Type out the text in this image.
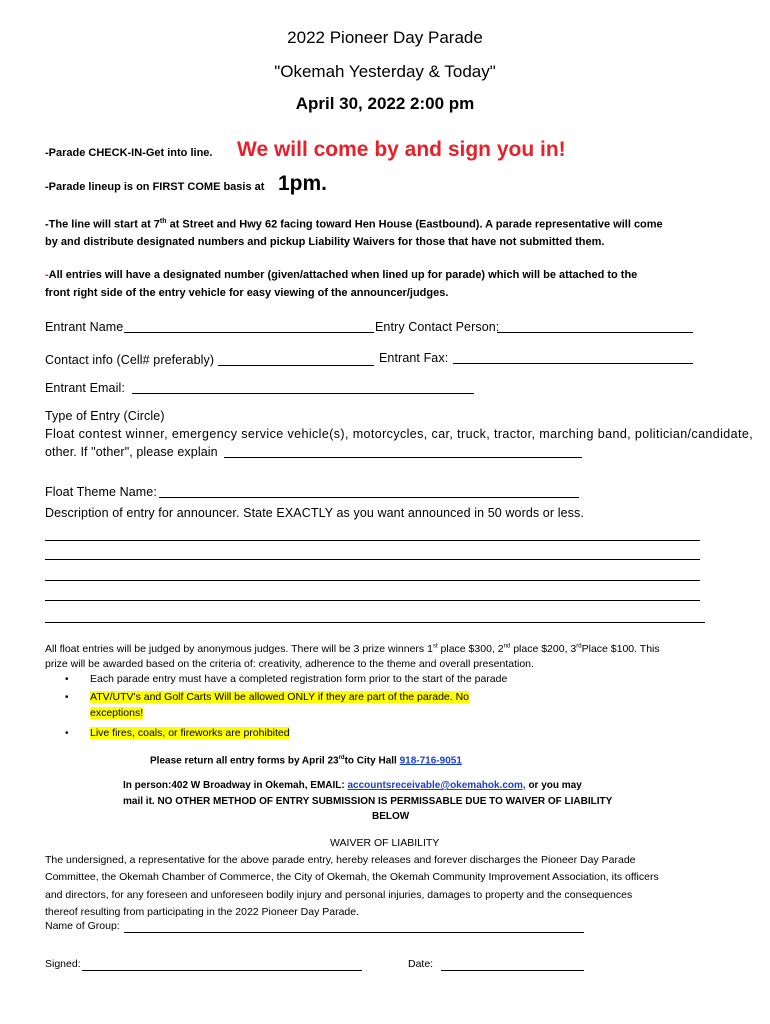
2022 Pioneer Day Parade
"Okemah Yesterday & Today"
April 30, 2022 2:00 pm
-Parade CHECK-IN-Get into line. We will come by and sign you in!
-Parade lineup is on FIRST COME basis at 1pm.
-The line will start at 7th at Street and Hwy 62 facing toward Hen House (Eastbound). A parade representative will come
by and distribute designated numbers and pickup Liability Waivers for those that have not submitted them.
-All entries will have a designated number (given/attached when lined up for parade) which will be attached to the
front right side of the entry vehicle for easy viewing of the announcer/judges.
Entrant Name	Entry Contact Person:
Contact info (Cell# preferably)	Entrant Fax:
Entrant Email:
Type of Entry (Circle)
Float contest winner, emergency service vehicle(s), motorcycles, car, truck, tractor, marching band, politician/candidate,
other. If "other", please explain
Float Theme Name:
Description of entry for announcer. State EXACTLY as you want announced in 50 words or less.
All float entries will be judged by anonymous judges. There will be 3 prize winners 1st place $300, 2nd place $200, 3rdPlace $100. This
prize will be awarded based on the criteria of: creativity, adherence to the theme and overall presentation.
• Each parade entry must have a completed registration form prior to the start of the parade
• ATV/UTV's and Golf Carts Will be allowed ONLY if they are part of the parade. No
exceptions!
• Live fires, coals, or fireworks are prohibited
Please return all entry forms by April 23rdto City Hall 918-716-9051
In person:402 W Broadway in Okemah, EMAIL: accountsreceivable@okemahok.com, or you may
mail it. NO OTHER METHOD OF ENTRY SUBMISSION IS PERMISSABLE DUE TO WAIVER OF LIABILITY
BELOW
WAIVER OF LIABILITY
The undersigned, a representative for the above parade entry, hereby releases and forever discharges the Pioneer Day Parade
Committee, the Okemah Chamber of Commerce, the City of Okemah, the Okemah Community Improvement Association, its officers
and directors, for any foreseen and unforeseen bodily injury and personal injuries, damages to property and the consequences
thereof resulting from participating in the 2022 Pioneer Day Parade.
Name of Group:
Signed:	Date:
